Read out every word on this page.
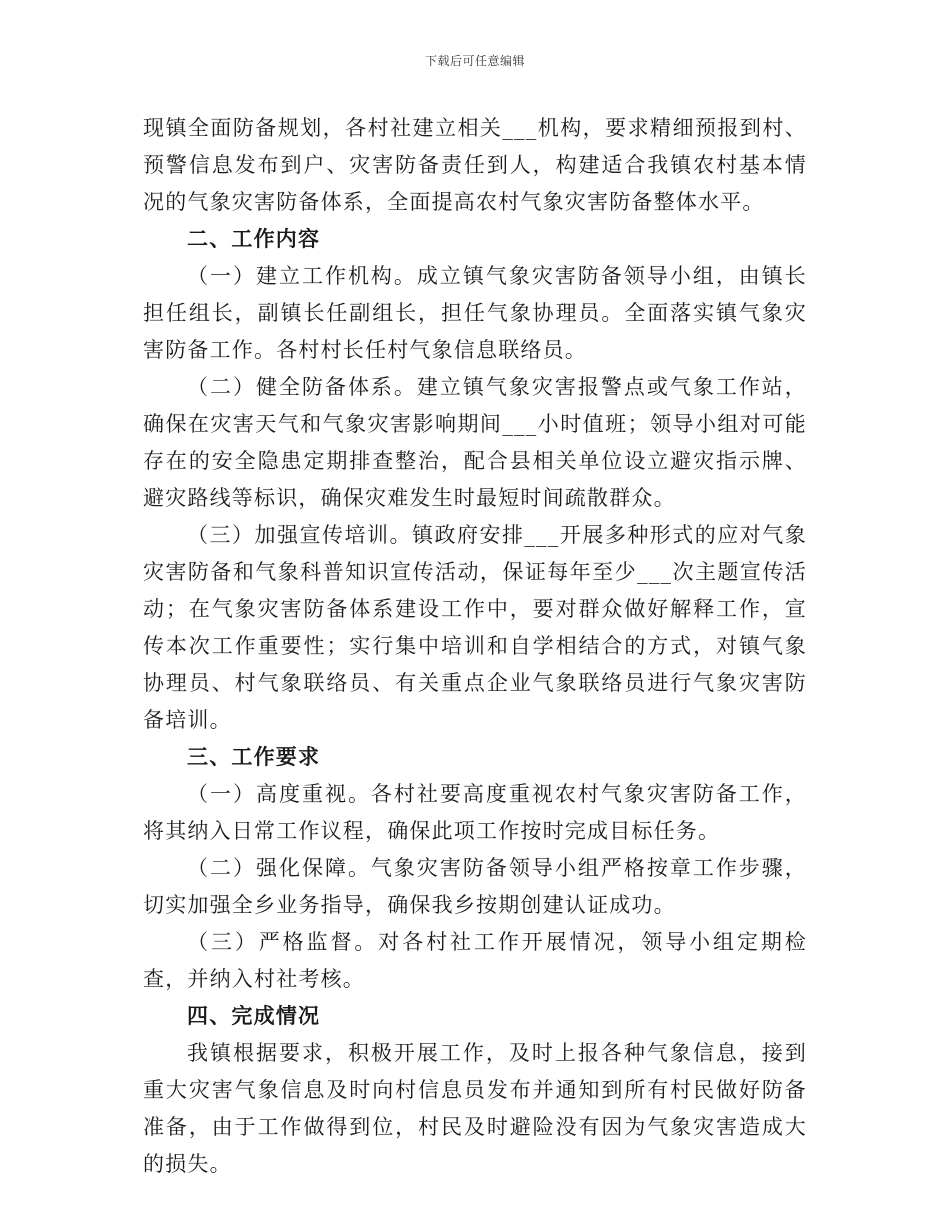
下载后可任意编辑

现镇全面防备规划，各村社建立相关___机构，要求精细预报到村、预警信息发布到户、灾害防备责任到人，构建适合我镇农村基本情况的气象灾害防备体系，全面提高农村气象灾害防备整体水平。

二、工作内容

（一）建立工作机构。成立镇气象灾害防备领导小组，由镇长担任组长，副镇长任副组长，担任气象协理员。全面落实镇气象灾害防备工作。各村村长任村气象信息联络员。

（二）健全防备体系。建立镇气象灾害报警点或气象工作站，确保在灾害天气和气象灾害影响期间___小时值班；领导小组对可能存在的安全隐患定期排查整治，配合县相关单位设立避灾指示牌、避灾路线等标识，确保灾难发生时最短时间疏散群众。

（三）加强宣传培训。镇政府安排___开展多种形式的应对气象灾害防备和气象科普知识宣传活动，保证每年至少___次主题宣传活动；在气象灾害防备体系建设工作中，要对群众做好解释工作，宣传本次工作重要性；实行集中培训和自学相结合的方式，对镇气象协理员、村气象联络员、有关重点企业气象联络员进行气象灾害防备培训。

三、工作要求

（一）高度重视。各村社要高度重视农村气象灾害防备工作，将其纳入日常工作议程，确保此项工作按时完成目标任务。

（二）强化保障。气象灾害防备领导小组严格按章工作步骤，切实加强全乡业务指导，确保我乡按期创建认证成功。

（三）严格监督。对各村社工作开展情况，领导小组定期检查，并纳入村社考核。

四、完成情况

我镇根据要求，积极开展工作，及时上报各种气象信息，接到重大灾害气象信息及时向村信息员发布并通知到所有村民做好防备准备，由于工作做得到位，村民及时避险没有因为气象灾害造成大的损失。
